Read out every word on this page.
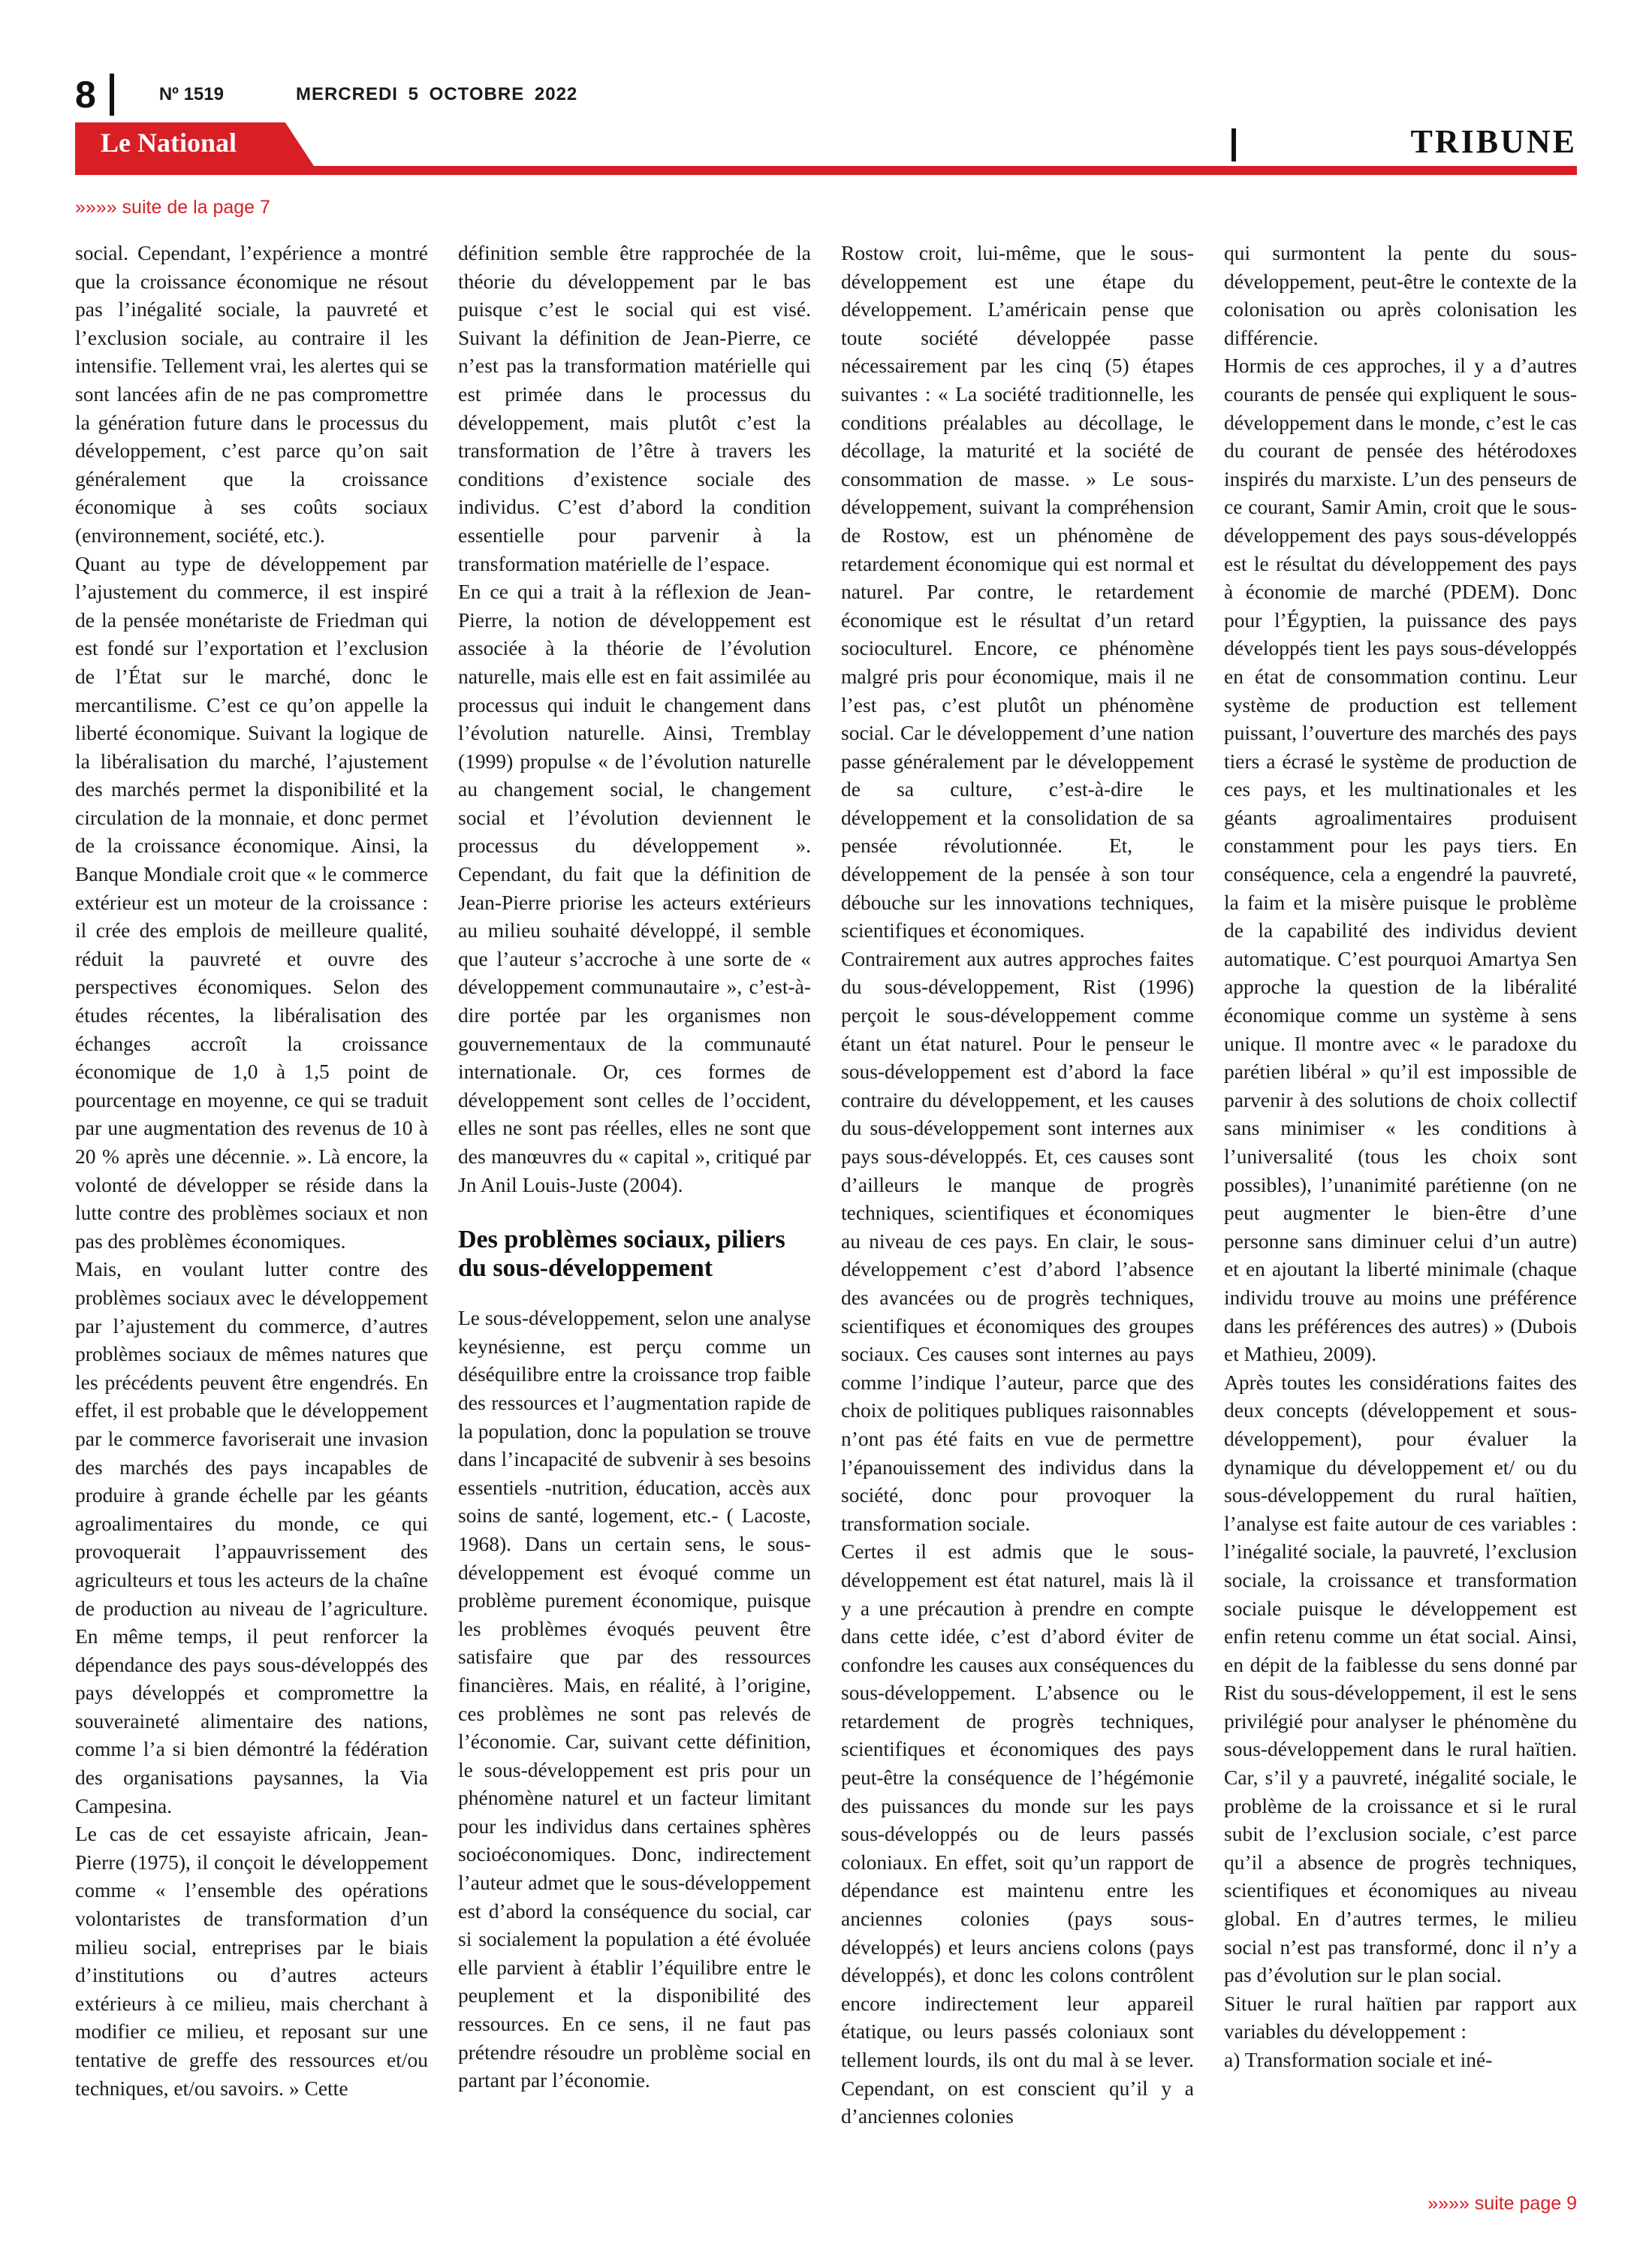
8	Nº 1519	MERCREDI 5 OCTOBRE 2022
Le National	TRIBUNE
»»»» suite de la page 7

social. Cependant, l’expérience a montré que la croissance économique ne résout pas l’inégalité sociale, la pauvreté et l’exclusion sociale, au contraire il les intensifie. Tellement vrai, les alertes qui se sont lancées afin de ne pas compromettre la génération future dans le processus du développement, c’est parce qu’on sait généralement que la croissance économique à ses coûts sociaux (environnement, société, etc.).

Quant au type de développement par l’ajustement du commerce, il est inspiré de la pensée monétariste de Friedman qui est fondé sur l’exportation et l’exclusion de l’État sur le marché, donc le mercantilisme. C’est ce qu’on appelle la liberté économique. Suivant la logique de la libéralisation du marché, l’ajustement des marchés permet la disponibilité et la circulation de la monnaie, et donc permet de la croissance économique. Ainsi, la Banque Mondiale croit que « le commerce extérieur est un moteur de la croissance : il crée des emplois de meilleure qualité, réduit la pauvreté et ouvre des perspectives économiques. Selon des études récentes, la libéralisation des échanges accroît la croissance économique de 1,0 à 1,5 point de pourcentage en moyenne, ce qui se traduit par une augmentation des revenus de 10 à 20 % après une décennie. ». Là encore, la volonté de développer se réside dans la lutte contre des problèmes sociaux et non pas des problèmes économiques.

Mais, en voulant lutter contre des problèmes sociaux avec le développement par l’ajustement du commerce, d’autres problèmes sociaux de mêmes natures que les précédents peuvent être engendrés. En effet, il est probable que le développement par le commerce favoriserait une invasion des marchés des pays incapables de produire à grande échelle par les géants agroalimentaires du monde, ce qui provoquerait l’appauvrissement des agriculteurs et tous les acteurs de la chaîne de production au niveau de l’agriculture. En même temps, il peut renforcer la dépendance des pays sous-développés des pays développés et compromettre la souveraineté alimentaire des nations, comme l’a si bien démontré la fédération des organisations paysannes, la Via Campesina.

Le cas de cet essayiste africain, Jean-Pierre (1975), il conçoit le développement comme « l’ensemble des opérations volontaristes de transformation d’un milieu social, entreprises par le biais d’institutions ou d’autres acteurs extérieurs à ce milieu, mais cherchant à modifier ce milieu, et reposant sur une tentative de greffe des ressources et/ou techniques, et/ou savoirs. » Cette

définition semble être rapprochée de la théorie du développement par le bas puisque c’est le social qui est visé. Suivant la définition de Jean-Pierre, ce n’est pas la transformation matérielle qui est primée dans le processus du développement, mais plutôt c’est la transformation de l’être à travers les conditions d’existence sociale des individus. C’est d’abord la condition essentielle pour parvenir à la transformation matérielle de l’espace.

En ce qui a trait à la réflexion de Jean-Pierre, la notion de développement est associée à la théorie de l’évolution naturelle, mais elle est en fait assimilée au processus qui induit le changement dans l’évolution naturelle. Ainsi, Tremblay (1999) propulse « de l’évolution naturelle au changement social, le changement social et l’évolution deviennent le processus du développement ». Cependant, du fait que la définition de Jean-Pierre priorise les acteurs extérieurs au milieu souhaité développé, il semble que l’auteur s’accroche à une sorte de « développement communautaire », c’est-à-dire portée par les organismes non gouvernementaux de la communauté internationale. Or, ces formes de développement sont celles de l’occident, elles ne sont pas réelles, elles ne sont que des manœuvres du « capital », critiqué par Jn Anil Louis-Juste (2004).

Des problèmes sociaux, piliers du sous-développement

Le sous-développement, selon une analyse keynésienne, est perçu comme un déséquilibre entre la croissance trop faible des ressources et l’augmentation rapide de la population, donc la population se trouve dans l’incapacité de subvenir à ses besoins essentiels -nutrition, éducation, accès aux soins de santé, logement, etc.- ( Lacoste, 1968). Dans un certain sens, le sous-développement est évoqué comme un problème purement économique, puisque les problèmes évoqués peuvent être satisfaire que par des ressources financières. Mais, en réalité, à l’origine, ces problèmes ne sont pas relevés de l’économie. Car, suivant cette définition, le sous-développement est pris pour un phénomène naturel et un facteur limitant pour les individus dans certaines sphères socioéconomiques. Donc, indirectement l’auteur admet que le sous-développement est d’abord la conséquence du social, car si socialement la population a été évoluée elle parvient à établir l’équilibre entre le peuplement et la disponibilité des ressources. En ce sens, il ne faut pas prétendre résoudre un problème social en partant par l’économie.

Rostow croit, lui-même, que le sous-développement est une étape du développement. L’américain pense que toute société développée passe nécessairement par les cinq (5) étapes suivantes : « La société traditionnelle, les conditions préalables au décollage, le décollage, la maturité et la société de consommation de masse. » Le sous-développement, suivant la compréhension de Rostow, est un phénomène de retardement économique qui est normal et naturel. Par contre, le retardement économique est le résultat d’un retard socioculturel. Encore, ce phénomène malgré pris pour économique, mais il ne l’est pas, c’est plutôt un phénomène social. Car le développement d’une nation passe généralement par le développement de sa culture, c’est-à-dire le développement et la consolidation de sa pensée révolutionnée. Et, le développement de la pensée à son tour débouche sur les innovations techniques, scientifiques et économiques.

Contrairement aux autres approches faites du sous-développement, Rist (1996) perçoit le sous-développement comme étant un état naturel. Pour le penseur le sous-développement est d’abord la face contraire du développement, et les causes du sous-développement sont internes aux pays sous-développés. Et, ces causes sont d’ailleurs le manque de progrès techniques, scientifiques et économiques au niveau de ces pays. En clair, le sous-développement c’est d’abord l’absence des avancées ou de progrès techniques, scientifiques et économiques des groupes sociaux. Ces causes sont internes au pays comme l’indique l’auteur, parce que des choix de politiques publiques raisonnables n’ont pas été faits en vue de permettre l’épanouissement des individus dans la société, donc pour provoquer la transformation sociale.

Certes il est admis que le sous-développement est état naturel, mais là il y a une précaution à prendre en compte dans cette idée, c’est d’abord éviter de confondre les causes aux conséquences du sous-développement. L’absence ou le retardement de progrès techniques, scientifiques et économiques des pays peut-être la conséquence de l’hégémonie des puissances du monde sur les pays sous-développés ou de leurs passés coloniaux. En effet, soit qu’un rapport de dépendance est maintenu entre les anciennes colonies (pays sous-développés) et leurs anciens colons (pays développés), et donc les colons contrôlent encore indirectement leur appareil étatique, ou leurs passés coloniaux sont tellement lourds, ils ont du mal à se lever. Cependant, on est conscient qu’il y a d’anciennes colonies

qui surmontent la pente du sous-développement, peut-être le contexte de la colonisation ou après colonisation les différencie.

Hormis de ces approches, il y a d’autres courants de pensée qui expliquent le sous-développement dans le monde, c’est le cas du courant de pensée des hétérodoxes inspirés du marxiste. L’un des penseurs de ce courant, Samir Amin, croit que le sous-développement des pays sous-développés est le résultat du développement des pays à économie de marché (PDEM). Donc pour l’Égyptien, la puissance des pays développés tient les pays sous-développés en état de consommation continu. Leur système de production est tellement puissant, l’ouverture des marchés des pays tiers a écrasé le système de production de ces pays, et les multinationales et les géants agroalimentaires produisent constamment pour les pays tiers. En conséquence, cela a engendré la pauvreté, la faim et la misère puisque le problème de la capabilité des individus devient automatique. C’est pourquoi Amartya Sen approche la question de la libéralité économique comme un système à sens unique. Il montre avec « le paradoxe du parétien libéral » qu’il est impossible de parvenir à des solutions de choix collectif sans minimiser « les conditions à l’universalité (tous les choix sont possibles), l’unanimité parétienne (on ne peut augmenter le bien-être d’une personne sans diminuer celui d’un autre) et en ajoutant la liberté minimale (chaque individu trouve au moins une préférence dans les préférences des autres) » (Dubois et Mathieu, 2009).

Après toutes les considérations faites des deux concepts (développement et sous-développement), pour évaluer la dynamique du développement et/ ou du sous-développement du rural haïtien, l’analyse est faite autour de ces variables : l’inégalité sociale, la pauvreté, l’exclusion sociale, la croissance et transformation sociale puisque le développement est enfin retenu comme un état social. Ainsi, en dépit de la faiblesse du sens donné par Rist du sous-développement, il est le sens privilégié pour analyser le phénomène du sous-développement dans le rural haïtien. Car, s’il y a pauvreté, inégalité sociale, le problème de la croissance et si le rural subit de l’exclusion sociale, c’est parce qu’il a absence de progrès techniques, scientifiques et économiques au niveau global. En d’autres termes, le milieu social n’est pas transformé, donc il n’y a pas d’évolution sur le plan social.

Situer le rural haïtien par rapport aux variables du développement :

a) Transformation sociale et iné-

»»»» suite page 9
